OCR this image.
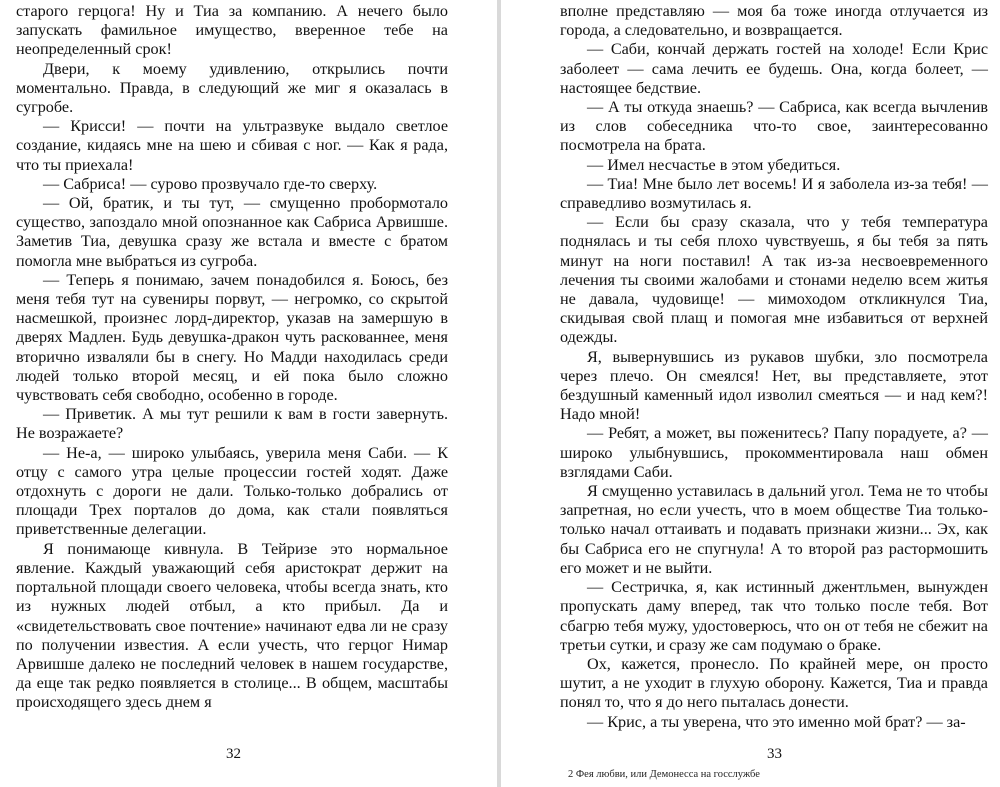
старого герцога! Ну и Тиа за компанию. А нечего было запускать фамильное имущество, вверенное тебе на неопределенный срок!

Двери, к моему удивлению, открылись почти моментально. Правда, в следующий же миг я оказалась в сугробе.

— Крисси! — почти на ультразвуке выдало светлое создание, кидаясь мне на шею и сбивая с ног. — Как я рада, что ты приехала!

— Сабриса! — сурово прозвучало где-то сверху.

— Ой, братик, и ты тут, — смущенно пробормотало существо, запоздало мной опознанное как Сабриса Арвишше. Заметив Тиа, девушка сразу же встала и вместе с братом помогла мне выбраться из сугроба.

— Теперь я понимаю, зачем понадобился я. Боюсь, без меня тебя тут на сувениры порвут, — негромко, со скрытой насмешкой, произнес лорд-директор, указав на замершую в дверях Мадлен. Будь девушка-дракон чуть раскованнее, меня вторично изваляли бы в снегу. Но Мадди находилась среди людей только второй месяц, и ей пока было сложно чувствовать себя свободно, особенно в городе.

— Приветик. А мы тут решили к вам в гости завернуть. Не возражаете?

— Не-а, — широко улыбаясь, уверила меня Саби. — К отцу с самого утра целые процессии гостей ходят. Даже отдохнуть с дороги не дали. Только-только добрались от площади Трех порталов до дома, как стали появляться приветственные делегации.

Я понимающе кивнула. В Тейризе это нормальное явление. Каждый уважающий себя аристократ держит на портальной площади своего человека, чтобы всегда знать, кто из нужных людей отбыл, а кто прибыл. Да и «свидетельствовать свое почтение» начинают едва ли не сразу по получении известия. А если учесть, что герцог Нимар Арвишше далеко не последний человек в нашем государстве, да еще так редко появляется в столице... В общем, масштабы происходящего здесь днем я

32

вполне представляю — моя ба тоже иногда отлучается из города, а следовательно, и возвращается.

— Саби, кончай держать гостей на холоде! Если Крис заболеет — сама лечить ее будешь. Она, когда болеет, — настоящее бедствие.

— А ты откуда знаешь? — Сабриса, как всегда вычленив из слов собеседника что-то свое, заинтересованно посмотрела на брата.

— Имел несчастье в этом убедиться.

— Тиа! Мне было лет восемь! И я заболела из-за тебя! — справедливо возмутилась я.

— Если бы сразу сказала, что у тебя температура поднялась и ты себя плохо чувствуешь, я бы тебя за пять минут на ноги поставил! А так из-за несвоевременного лечения ты своими жалобами и стонами неделю всем житья не давала, чудовище! — мимоходом откликнулся Тиа, скидывая свой плащ и помогая мне избавиться от верхней одежды.

Я, вывернувшись из рукавов шубки, зло посмотрела через плечо. Он смеялся! Нет, вы представляете, этот бездушный каменный идол изволил смеяться — и над кем?! Надо мной!

— Ребят, а может, вы поженитесь? Папу порадуете, а? — широко улыбнувшись, прокомментировала наш обмен взглядами Саби.

Я смущенно уставилась в дальний угол. Тема не то чтобы запретная, но если учесть, что в моем обществе Тиа только-только начал оттаивать и подавать признаки жизни... Эх, как бы Сабриса его не спугнула! А то второй раз растормошить его может и не выйти.

— Сестричка, я, как истинный джентльмен, вынужден пропускать даму вперед, так что только после тебя. Вот сбагрю тебя мужу, удостоверюсь, что он от тебя не сбежит на третьи сутки, и сразу же сам подумаю о браке.

Ох, кажется, пронесло. По крайней мере, он просто шутит, а не уходит в глухую оборону. Кажется, Тиа и правда понял то, что я до него пыталась донести.

— Крис, а ты уверена, что это именно мой брат? — за-

33
2 Фея любви, или Демонесса на госслужбе
